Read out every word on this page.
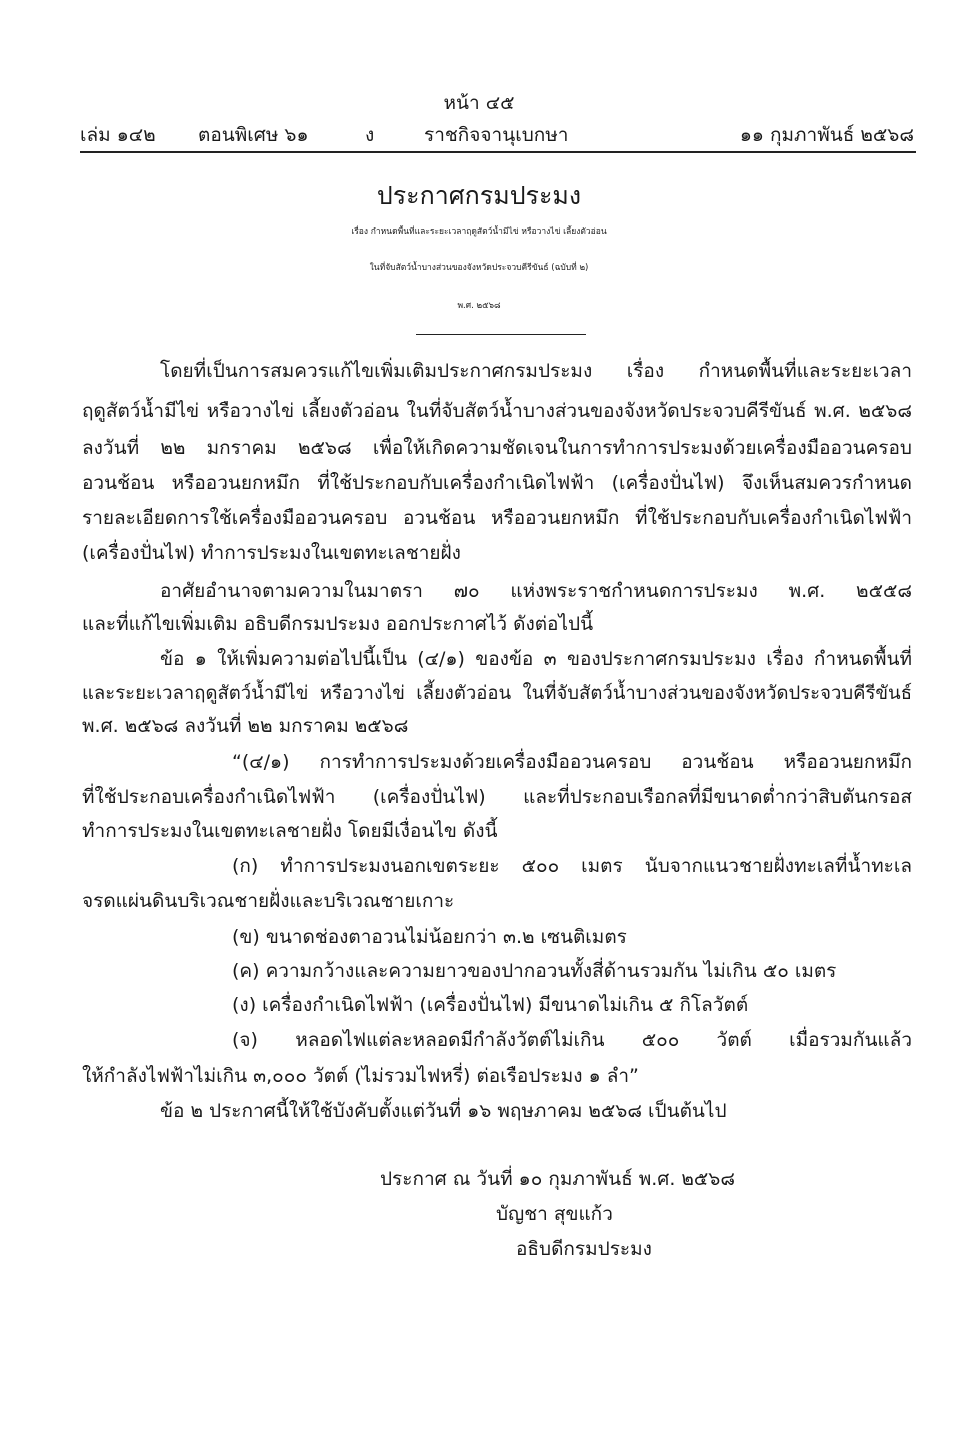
หน้า ๔๕
เล่ม ๑๔๒ ตอนพิเศษ ๖๑	ง	ราชกิจจานุเบกษา	๑๑ กุมภาพันธ์ ๒๕๖๘
ประกาศกรมประมง
เรื่อง กำหนดพื้นที่และระยะเวลาฤดูสัตว์น้ำมีไข่ หรือวางไข่ เลี้ยงตัวอ่อน
ในที่จับสัตว์น้ำบางส่วนของจังหวัดประจวบคีรีขันธ์ (ฉบับที่ ๒)
พ.ศ. ๒๕๖๘
โดยที่เป็นการสมควรแก้ไขเพิ่มเติมประกาศกรมประมง เรื่อง กำหนดพื้นที่และระยะเวลา
ฤดูสัตว์น้ำมีไข่ หรือวางไข่ เลี้ยงตัวอ่อน ในที่จับสัตว์น้ำบางส่วนของจังหวัดประจวบคีรีขันธ์ พ.ศ. ๒๕๖๘
ลงวันที่ ๒๒ มกราคม ๒๕๖๘ เพื่อให้เกิดความชัดเจนในการทำการประมงด้วยเครื่องมืออวนครอบ
อวนช้อน หรืออวนยกหมึก ที่ใช้ประกอบกับเครื่องกำเนิดไฟฟ้า (เครื่องปั่นไฟ) จึงเห็นสมควรกำหนด
รายละเอียดการใช้เครื่องมืออวนครอบ อวนช้อน หรืออวนยกหมึก ที่ใช้ประกอบกับเครื่องกำเนิดไฟฟ้า
(เครื่องปั่นไฟ) ทำการประมงในเขตทะเลชายฝั่ง
อาศัยอำนาจตามความในมาตรา ๗๐ แห่งพระราชกำหนดการประมง พ.ศ. ๒๕๕๘
และที่แก้ไขเพิ่มเติม อธิบดีกรมประมง ออกประกาศไว้ ดังต่อไปนี้
ข้อ ๑ ให้เพิ่มความต่อไปนี้เป็น (๔/๑) ของข้อ ๓ ของประกาศกรมประมง เรื่อง กำหนดพื้นที่
และระยะเวลาฤดูสัตว์น้ำมีไข่ หรือวางไข่ เลี้ยงตัวอ่อน ในที่จับสัตว์น้ำบางส่วนของจังหวัดประจวบคีรีขันธ์
พ.ศ. ๒๕๖๘ ลงวันที่ ๒๒ มกราคม ๒๕๖๘
“(๔/๑) การทำการประมงด้วยเครื่องมืออวนครอบ อวนช้อน หรืออวนยกหมึก
ที่ใช้ประกอบเครื่องกำเนิดไฟฟ้า (เครื่องปั่นไฟ) และที่ประกอบเรือกลที่มีขนาดต่ำกว่าสิบตันกรอส
ทำการประมงในเขตทะเลชายฝั่ง โดยมีเงื่อนไข ดังนี้
(ก) ทำการประมงนอกเขตระยะ ๕๐๐ เมตร นับจากแนวชายฝั่งทะเลที่น้ำทะเล
จรดแผ่นดินบริเวณชายฝั่งและบริเวณชายเกาะ
(ข) ขนาดช่องตาอวนไม่น้อยกว่า ๓.๒ เซนติเมตร
(ค) ความกว้างและความยาวของปากอวนทั้งสี่ด้านรวมกัน ไม่เกิน ๕๐ เมตร
(ง) เครื่องกำเนิดไฟฟ้า (เครื่องปั่นไฟ) มีขนาดไม่เกิน ๕ กิโลวัตต์
(จ) หลอดไฟแต่ละหลอดมีกำลังวัตต์ไม่เกิน ๕๐๐ วัตต์ เมื่อรวมกันแล้ว
ให้กำลังไฟฟ้าไม่เกิน ๓,๐๐๐ วัตต์ (ไม่รวมไฟหรี่) ต่อเรือประมง ๑ ลำ”
ข้อ ๒ ประกาศนี้ให้ใช้บังคับตั้งแต่วันที่ ๑๖ พฤษภาคม ๒๕๖๘ เป็นต้นไป
ประกาศ ณ วันที่ ๑๐ กุมภาพันธ์ พ.ศ. ๒๕๖๘
บัญชา สุขแก้ว
อธิบดีกรมประมง
